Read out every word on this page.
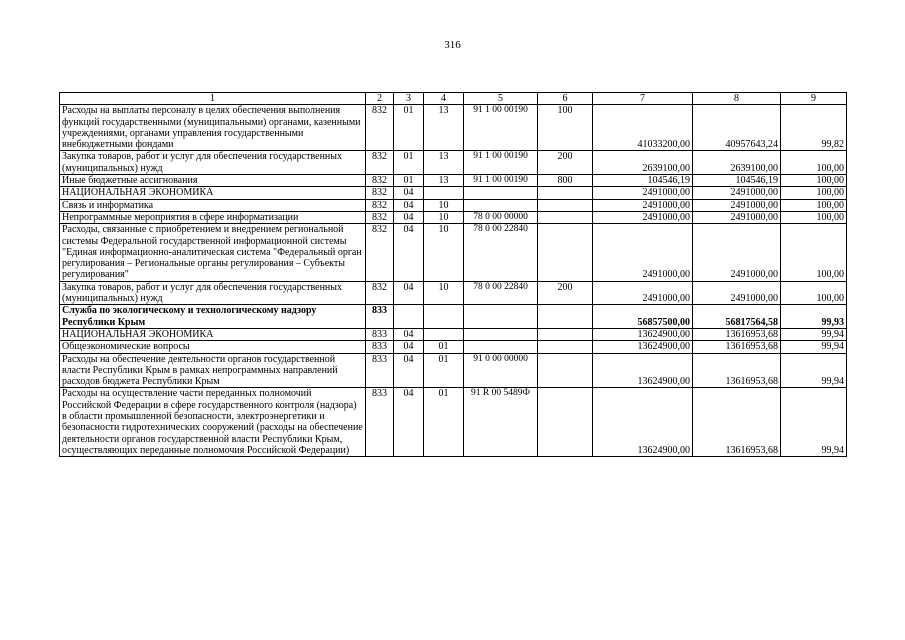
316
1	2	3	4	5	6	7	8	9
Расходы на выплаты персоналу в целях обеспечения выполнения функций государственными (муниципальными) органами, казенными учреждениями, органами управления государственными внебюджетными фондами	832	01	13	91 1 00 00190	100	41033200,00	40957643,24	99,82
Закупка товаров, работ и услуг для обеспечения государственных (муниципальных) нужд	832	01	13	91 1 00 00190	200	2639100,00	2639100,00	100,00
Иные бюджетные ассигнования	832	01	13	91 1 00 00190	800	104546,19	104546,19	100,00
НАЦИОНАЛЬНАЯ ЭКОНОМИКА	832	04				2491000,00	2491000,00	100,00
Связь и информатика	832	04	10			2491000,00	2491000,00	100,00
Непрограммные мероприятия в сфере информатизации	832	04	10	78 0 00 00000		2491000,00	2491000,00	100,00
Расходы, связанные с приобретением и внедрением региональной системы Федеральной государственной информационной системы "Единая информационно-аналитическая система "Федеральный орган регулирования – Региональные органы регулирования – Субъекты регулирования"	832	04	10	78 0 00 22840		2491000,00	2491000,00	100,00
Закупка товаров, работ и услуг для обеспечения государственных (муниципальных) нужд	832	04	10	78 0 00 22840	200	2491000,00	2491000,00	100,00
Служба по экологическому и технологическому надзору Республики Крым	833					56857500,00	56817564,58	99,93
НАЦИОНАЛЬНАЯ ЭКОНОМИКА	833	04				13624900,00	13616953,68	99,94
Общеэкономические вопросы	833	04	01			13624900,00	13616953,68	99,94
Расходы на обеспечение деятельности органов государственной власти Республики Крым в рамках непрограммных направлений расходов бюджета Республики Крым	833	04	01	91 0 00 00000		13624900,00	13616953,68	99,94
Расходы на осуществление части переданных полномочий Российской Федерации в сфере государственного контроля (надзора) в области промышленной безопасности, электроэнергетики и безопасности гидротехнических сооружений (расходы на обеспечение деятельности органов государственной власти Республики Крым, осуществляющих переданные полномочия Российской Федерации)	833	04	01	91 R 00 5489Ф		13624900,00	13616953,68	99,94
